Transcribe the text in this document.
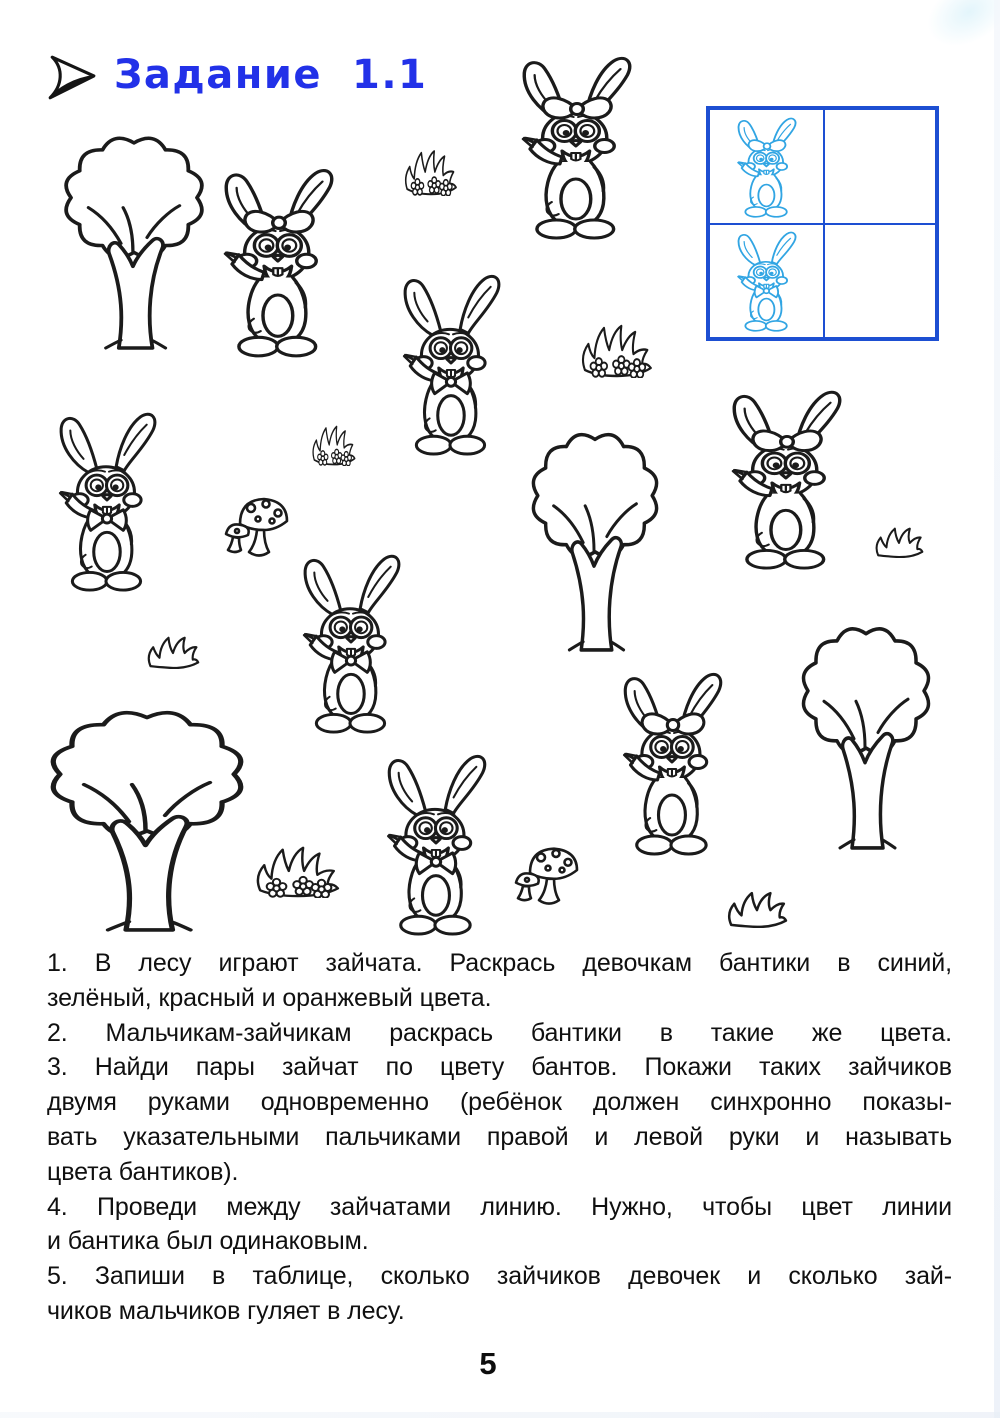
Задание 1.1
1. В лесу играют зайчата. Раскрась девочкам бантики в синий,
зелёный, красный и оранжевый цвета.
2. Мальчикам-зайчикам раскрась бантики в такие же цвета.
3. Найди пары зайчат по цвету бантов. Покажи таких зайчиков
двумя руками одновременно (ребёнок должен синхронно показы-
вать указательными пальчиками правой и левой руки и называть
цвета бантиков).
4. Проведи между зайчатами линию. Нужно, чтобы цвет линии
и бантика был одинаковым.
5. Запиши в таблице, сколько зайчиков девочек и сколько зай-
чиков мальчиков гуляет в лесу.
5
